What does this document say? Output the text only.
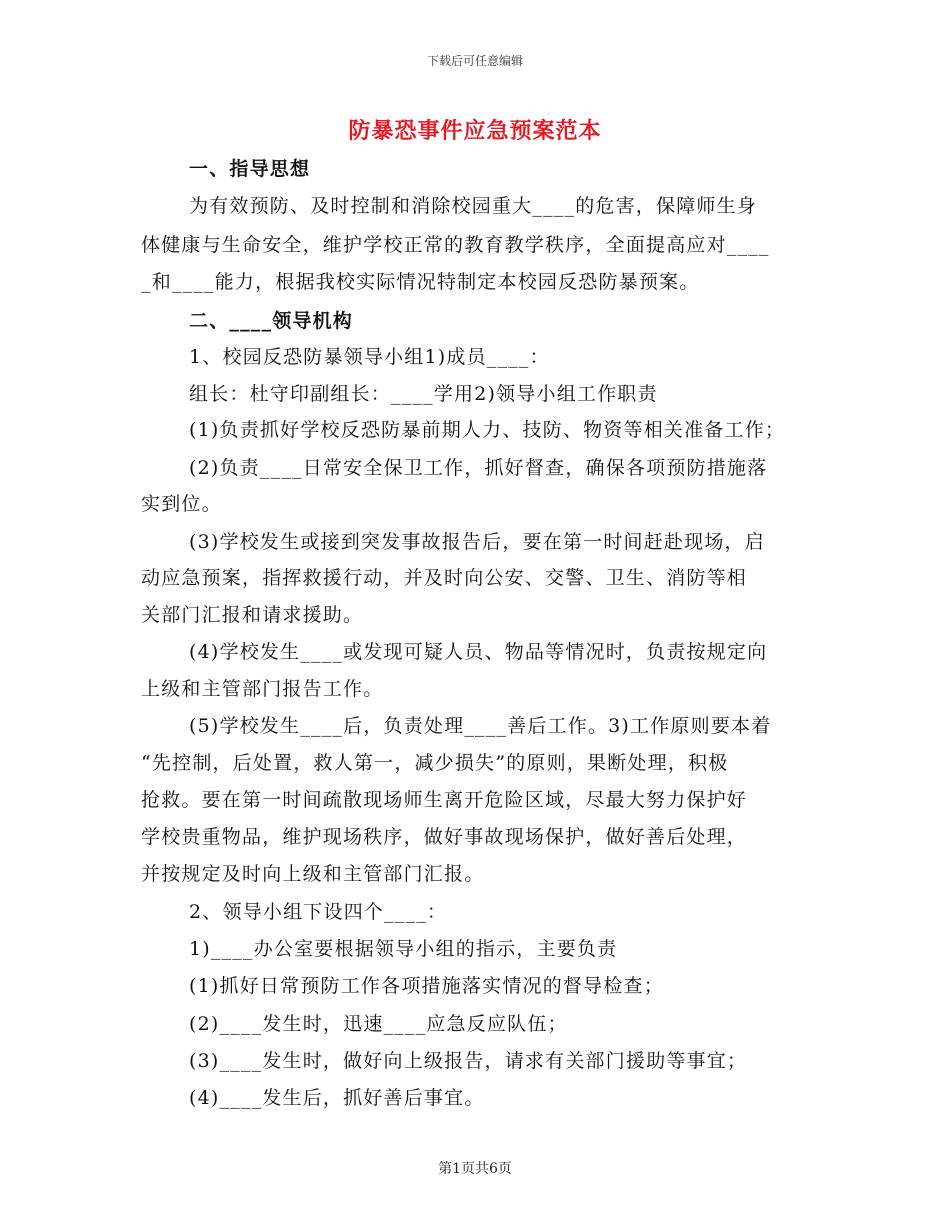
下载后可任意编辑
防暴恐事件应急预案范本
一、指导思想
为有效预防、及时控制和消除校园重大____的危害，保障师生身
体健康与生命安全，维护学校正常的教育教学秩序，全面提高应对____
_和____能力，根据我校实际情况特制定本校园反恐防暴预案。
二、____领导机构
1、校园反恐防暴领导小组1)成员____：
组长：杜守印副组长：____学用2)领导小组工作职责
(1)负责抓好学校反恐防暴前期人力、技防、物资等相关准备工作；
(2)负责____日常安全保卫工作，抓好督查，确保各项预防措施落
实到位。
(3)学校发生或接到突发事故报告后，要在第一时间赶赴现场，启
动应急预案，指挥救援行动，并及时向公安、交警、卫生、消防等相
关部门汇报和请求援助。
(4)学校发生____或发现可疑人员、物品等情况时，负责按规定向
上级和主管部门报告工作。
(5)学校发生____后，负责处理____善后工作。3)工作原则要本着
“先控制，后处置，救人第一，减少损失”的原则，果断处理，积极
抢救。要在第一时间疏散现场师生离开危险区域，尽最大努力保护好
学校贵重物品，维护现场秩序，做好事故现场保护，做好善后处理，
并按规定及时向上级和主管部门汇报。
2、领导小组下设四个____：
1)____办公室要根据领导小组的指示，主要负责
(1)抓好日常预防工作各项措施落实情况的督导检查；
(2)____发生时，迅速____应急反应队伍；
(3)____发生时，做好向上级报告，请求有关部门援助等事宜；
(4)____发生后，抓好善后事宜。
第1页共6页
